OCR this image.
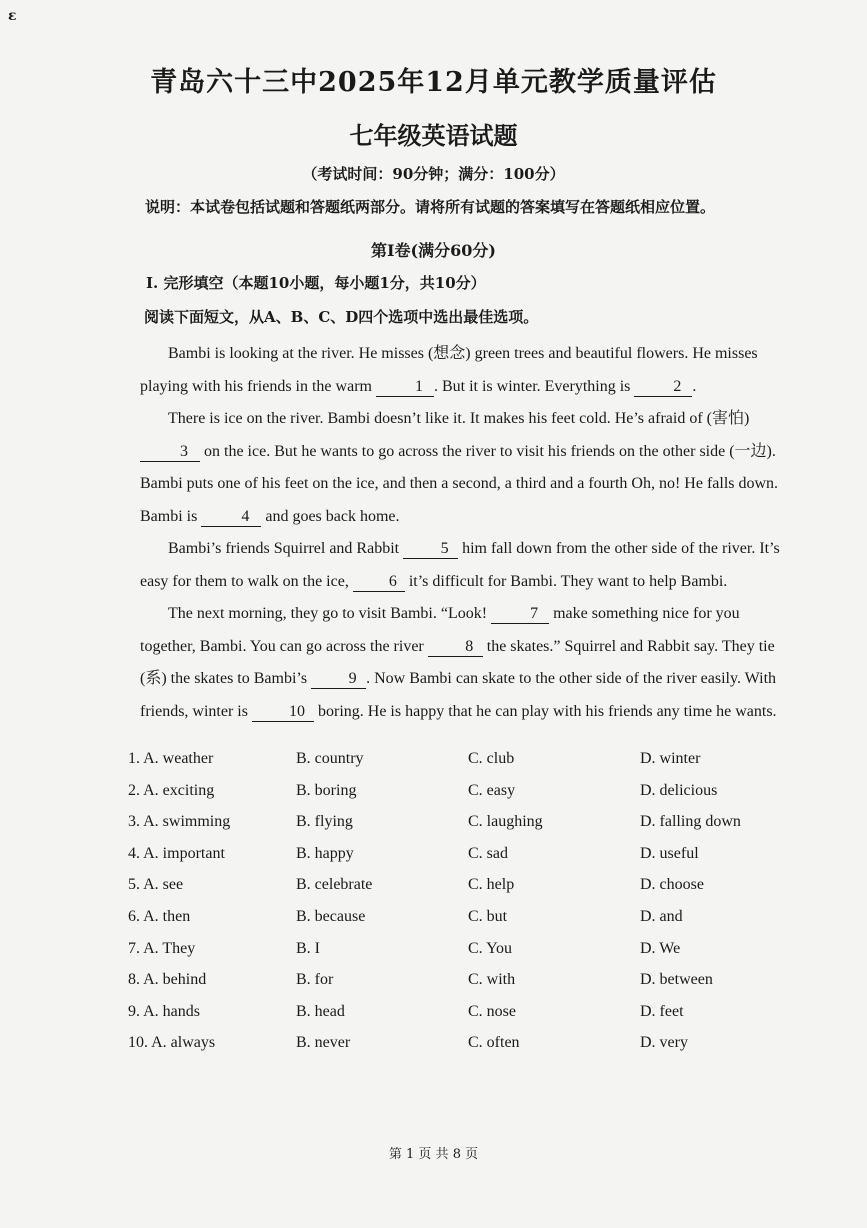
ε
青岛六十三中2025年12月单元教学质量评估
七年级英语试题
（考试时间：90分钟；满分：100分）
说明：本试卷包括试题和答题纸两部分。请将所有试题的答案填写在答题纸相应位置。
第Ⅰ卷(满分60分)
Ⅰ. 完形填空（本题10小题，每小题1分，共10分）
阅读下面短文，从A、B、C、D四个选项中选出最佳选项。

Bambi is looking at the river. He misses (想念) green trees and beautiful flowers. He misses playing with his friends in the warm 1 . But it is winter. Everything is 2 .

There is ice on the river. Bambi doesn’t like it. It makes his feet cold. He’s afraid of (害怕) 3 on the ice. But he wants to go across the river to visit his friends on the other side (一边). Bambi puts one of his feet on the ice, and then a second, a third and a fourth Oh, no! He falls down. Bambi is	4 and goes back home.

Bambi’s friends Squirrel and Rabbit 5 him fall down from the other side of the river. It’s easy for them to walk on the ice, 6 it’s difficult for Bambi. They want to help Bambi.

The next morning, they go to visit Bambi. “Look! 7 make something nice for you together, Bambi. You can go across the river 8 the skates.” Squirrel and Rabbit say. They tie (系) the skates to Bambi’s 9 . Now Bambi can skate to the other side of the river easily. With friends, winter is 10 boring. He is happy that he can play with his friends any time he wants.

1. A. weather	B. country	C. club	D. winter
2. A. exciting	B. boring	C. easy	D. delicious
3. A. swimming	B. flying	C. laughing	D. falling down
4. A. important	B. happy	C. sad	D. useful
5. A. see	B. celebrate	C. help	D. choose
6. A. then	B. because	C. but	D. and
7. A. They	B. I	C. You	D. We
8. A. behind	B. for	C. with	D. between
9. A. hands	B. head	C. nose	D. feet
10. A. always	B. never	C. often	D. very
第 1 页 共 8 页
